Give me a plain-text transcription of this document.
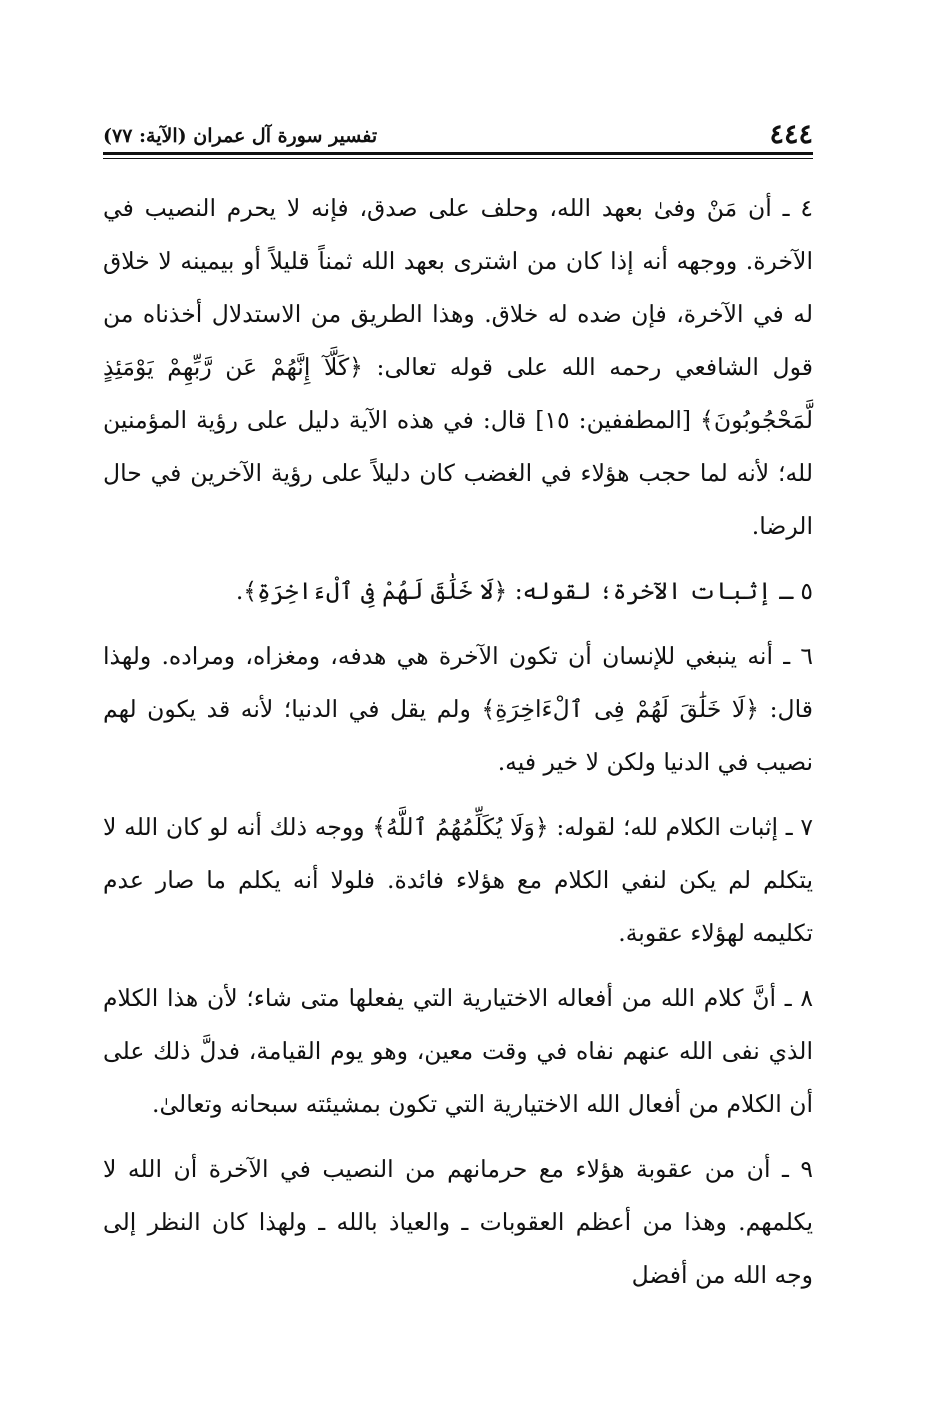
٤٤٤
تفسير سورة آل عمران (الآية: ٧٧)

٤ ـ أن مَنْ وفىٰ بعهد الله، وحلف على صدق، فإنه لا يحرم النصيب في الآخرة. ووجهه أنه إذا كان من اشترى بعهد الله ثمناً قليلاً أو بيمينه لا خلاق له في الآخرة، فإن ضده له خلاق. وهذا الطريق من الاستدلال أخذناه من قول الشافعي رحمه الله على قوله تعالى: ﴿كَلَّآ إِنَّهُمْ عَن رَّبِّهِمْ يَوْمَئِذٍ لَّمَحْجُوبُونَ﴾ [المطففين: ١٥] قال: في هذه الآية دليل على رؤية المؤمنين لله؛ لأنه لما حجب هؤلاء في الغضب كان دليلاً على رؤية الآخرين في حال الرضا.

٥ ـ إثبات الآخرة؛ لقوله: ﴿لَا خَلَٰقَ لَهُمْ فِى ٱلْءَاخِرَةِ﴾.

٦ ـ أنه ينبغي للإنسان أن تكون الآخرة هي هدفه، ومغزاه، ومراده. ولهذا قال: ﴿لَا خَلَٰقَ لَهُمْ فِى ٱلْءَاخِرَةِ﴾ ولم يقل في الدنيا؛ لأنه قد يكون لهم نصيب في الدنيا ولكن لا خير فيه.

٧ ـ إثبات الكلام لله؛ لقوله: ﴿وَلَا يُكَلِّمُهُمُ ٱللَّهُ﴾ ووجه ذلك أنه لو كان الله لا يتكلم لم يكن لنفي الكلام مع هؤلاء فائدة. فلولا أنه يكلم ما صار عدم تكليمه لهؤلاء عقوبة.

٨ ـ أنَّ كلام الله من أفعاله الاختيارية التي يفعلها متى شاء؛ لأن هذا الكلام الذي نفى الله عنهم نفاه في وقت معين، وهو يوم القيامة، فدلَّ ذلك على أن الكلام من أفعال الله الاختيارية التي تكون بمشيئته سبحانه وتعالىٰ.

٩ ـ أن من عقوبة هؤلاء مع حرمانهم من النصيب في الآخرة أن الله لا يكلمهم. وهذا من أعظم العقوبات ـ والعياذ بالله ـ ولهذا كان النظر إلى وجه الله من أفضل
